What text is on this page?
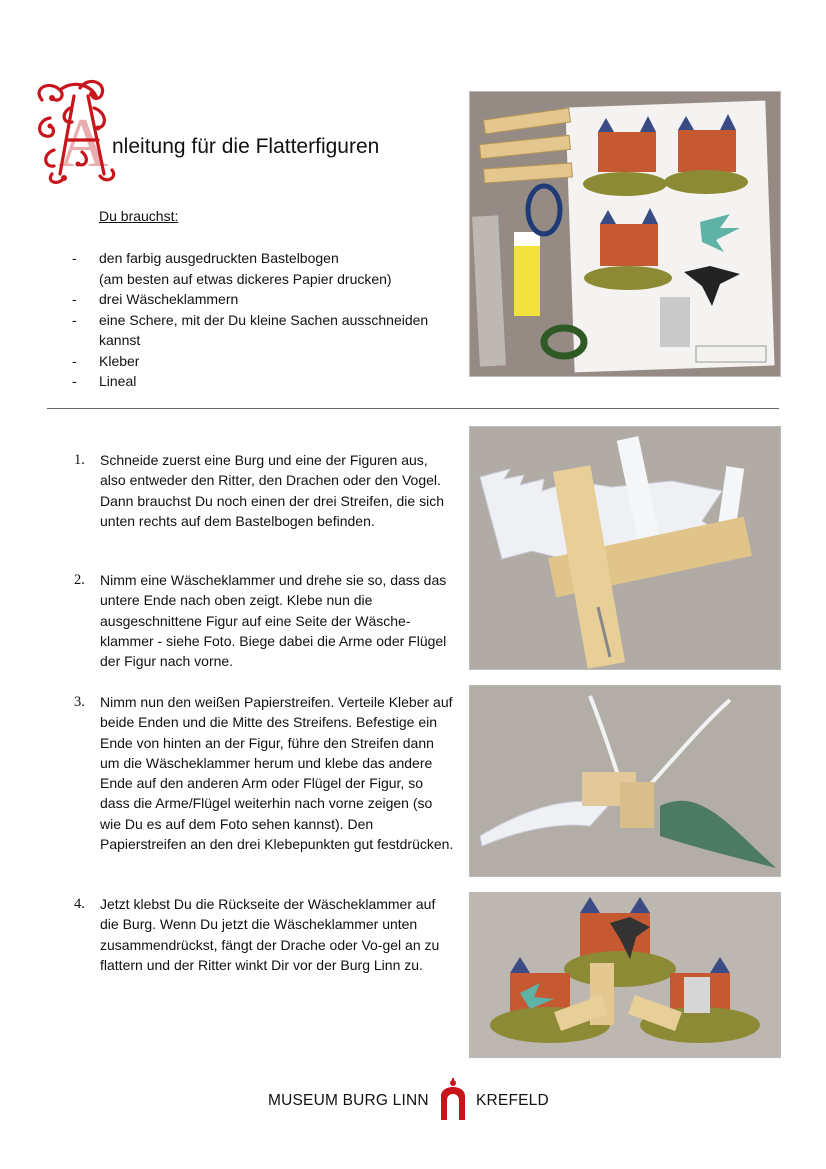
A nleitung für die Flatterfiguren
Du brauchst:
- den farbig ausgedruckten Bastelbogen
(am besten auf etwas dickeres Papier drucken)
- drei Wäscheklammern
- eine Schere, mit der Du kleine Sachen ausschneiden kannst
- Kleber
- Lineal
1. Schneide zuerst eine Burg und eine der Figuren aus, also entweder den Ritter, den Drachen oder den Vogel. Dann brauchst Du noch einen der drei Streifen, die sich unten rechts auf dem Bastelbogen befinden.
2. Nimm eine Wäscheklammer und drehe sie so, dass das untere Ende nach oben zeigt. Klebe nun die ausgeschnittene Figur auf eine Seite der Wäsche-klammer - siehe Foto. Biege dabei die Arme oder Flügel der Figur nach vorne.
3. Nimm nun den weißen Papierstreifen. Verteile Kleber auf beide Enden und die Mitte des Streifens. Befestige ein Ende von hinten an der Figur, führe den Streifen dann um die Wäscheklammer herum und klebe das andere Ende auf den anderen Arm oder Flügel der Figur, so dass die Arme/Flügel weiterhin nach vorne zeigen (so wie Du es auf dem Foto sehen kannst). Den Papierstreifen an den drei Klebepunkten gut festdrücken.
4. Jetzt klebst Du die Rückseite der Wäscheklammer auf die Burg. Wenn Du jetzt die Wäscheklammer unten zusammendrückst, fängt der Drache oder Vo-gel an zu flattern und der Ritter winkt Dir vor der Burg Linn zu.
MUSEUM BURG LINN	KREFELD
